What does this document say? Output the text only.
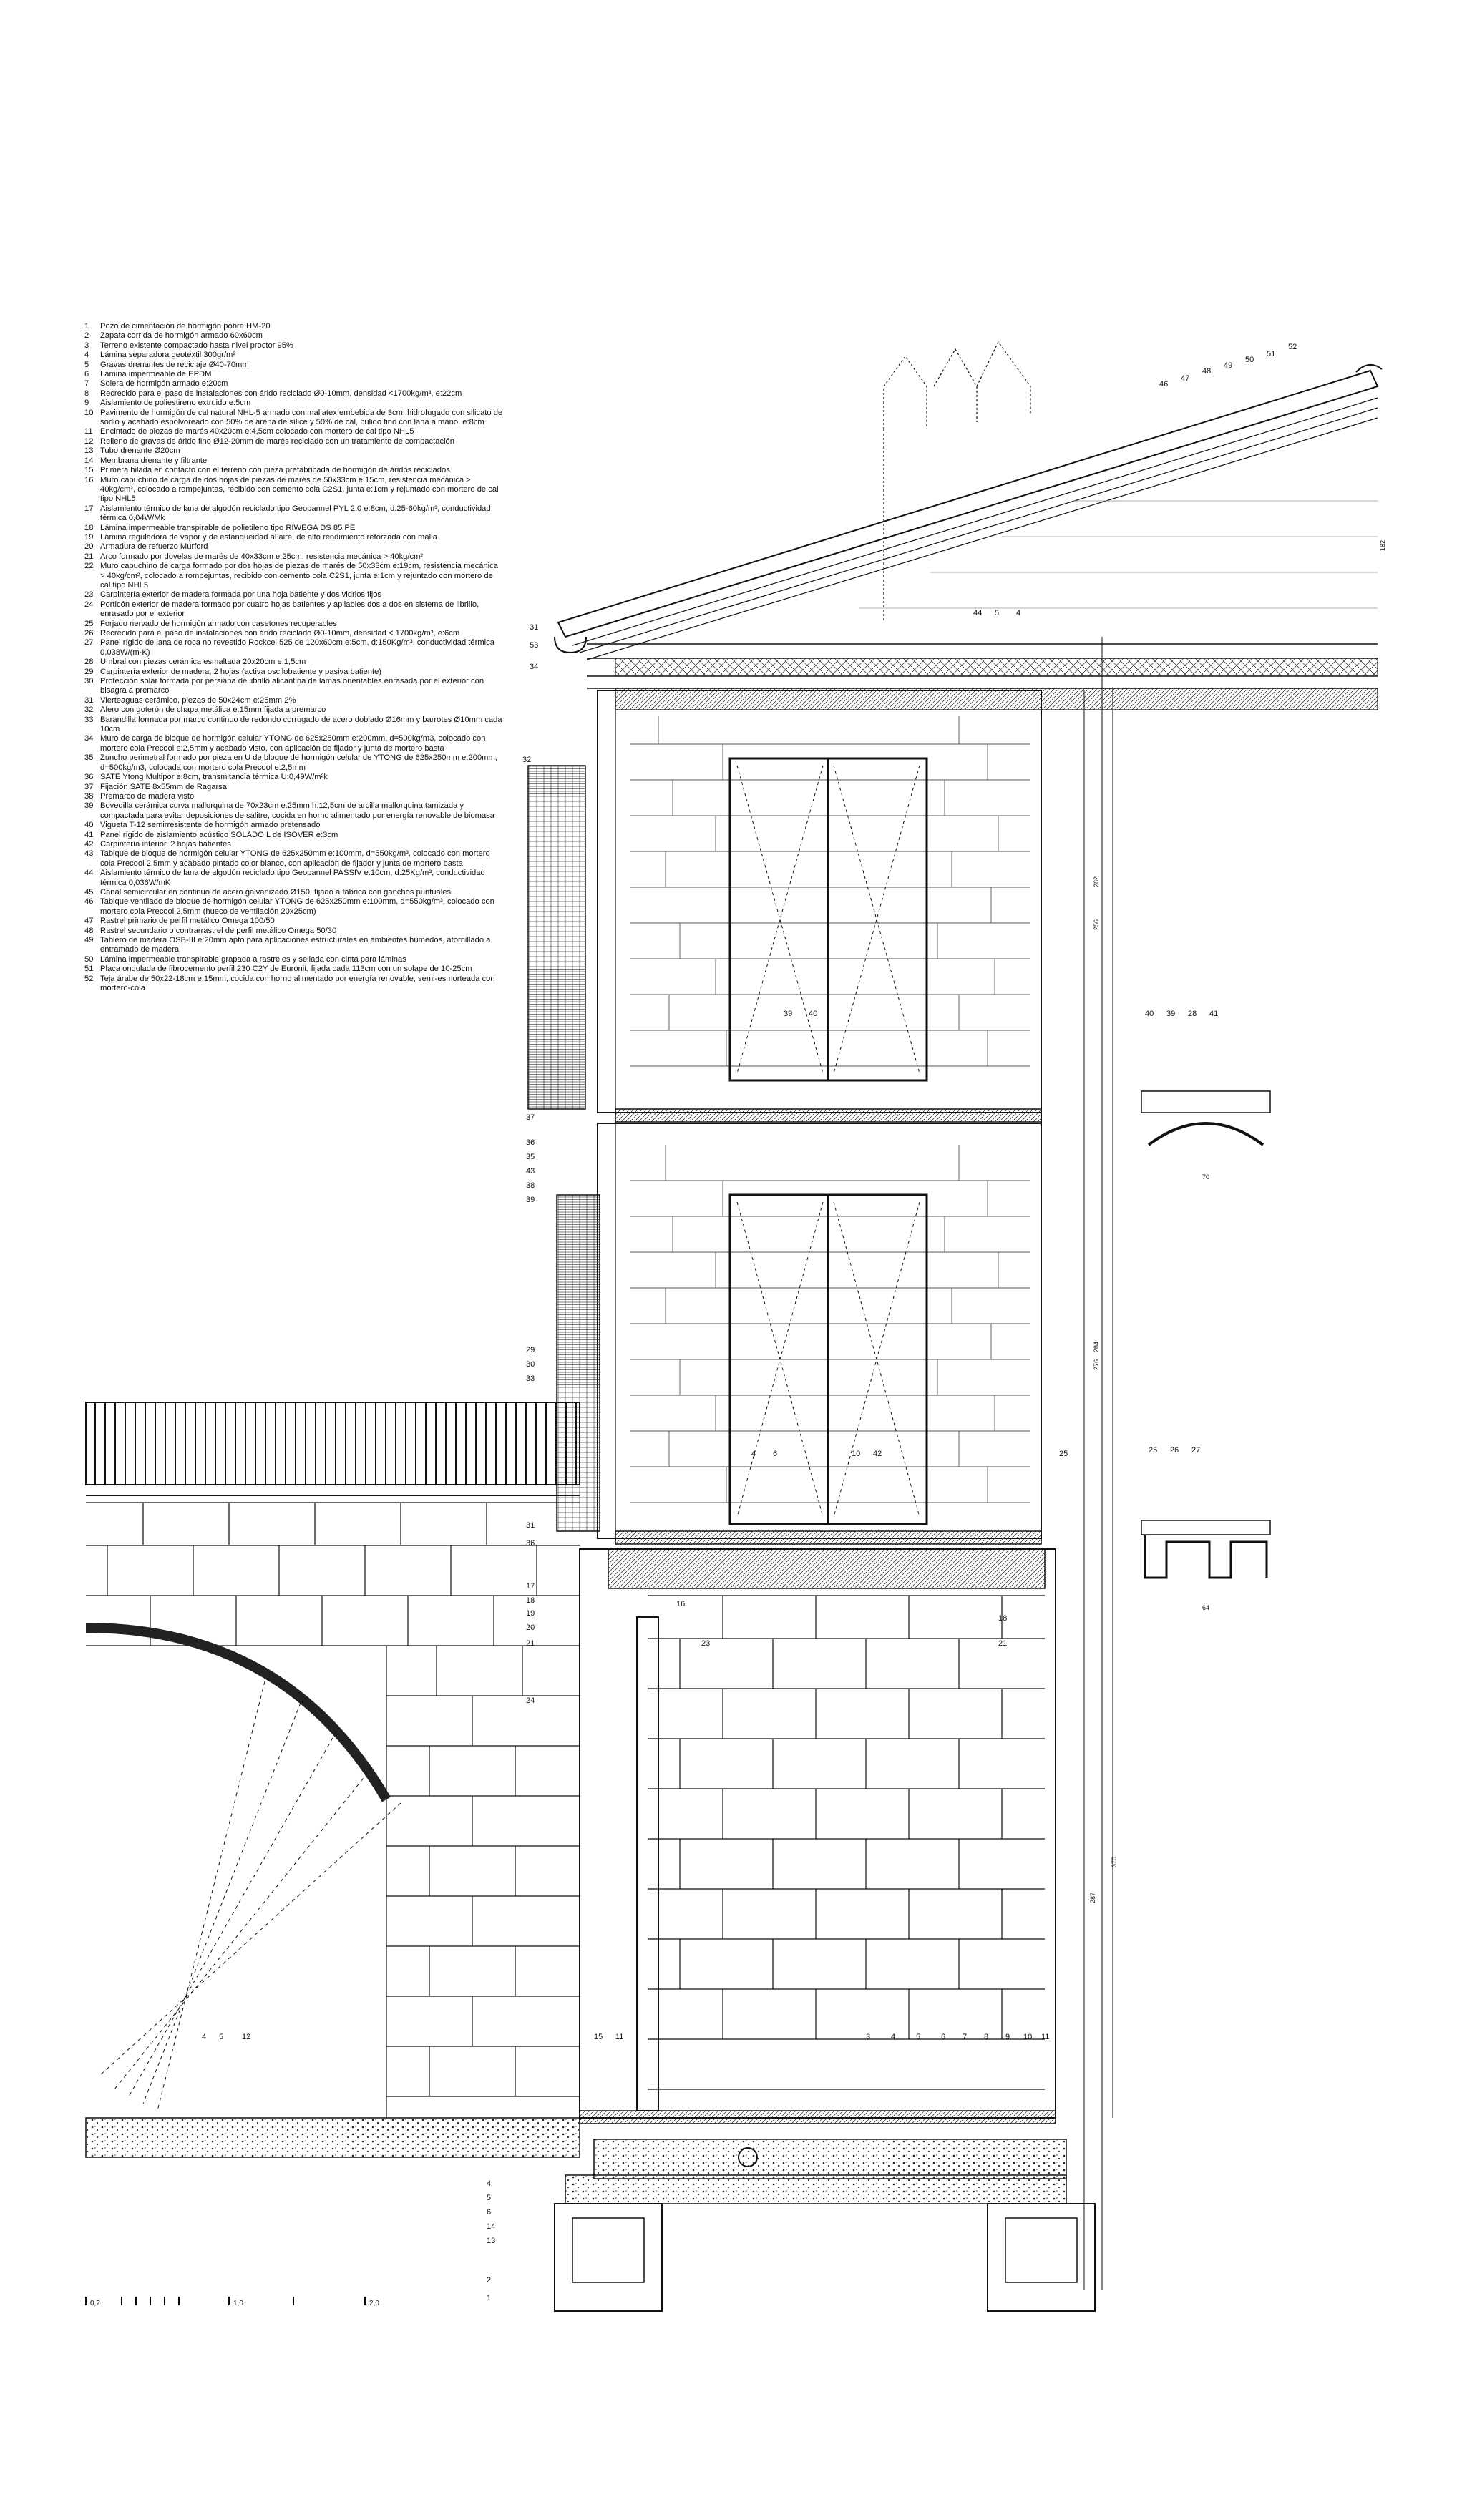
1	Pozo de cimentación de hormigón pobre HM-20
2	Zapata corrida de hormigón armado 60x60cm
3	Terreno existente compactado hasta nivel proctor 95%
4	Lámina separadora geotextil 300gr/m²
5	Gravas drenantes de reciclaje Ø40-70mm
6	Lámina impermeable de EPDM
7	Solera de hormigón armado e:20cm
8	Recrecido para el paso de instalaciones con árido reciclado Ø0-10mm, densidad <1700kg/m³, e:22cm
9	Aislamiento de poliestireno extruido e:5cm
10 Pavimento de hormigón de cal natural NHL-5 armado con mallatex embebida de 3cm, hidrofugado con silicato de sodio y acabado espolvoreado con 50% de arena de sílice y 50% de cal, pulido fino con lana a mano, e:8cm
11 Encintado de piezas de marés 40x20cm e:4,5cm colocado con mortero de cal tipo NHL5
12 Relleno de gravas de árido fino Ø12-20mm de marés reciclado con un tratamiento de compactación
13 Tubo drenante Ø20cm
14 Membrana drenante y filtrante
15 Primera hilada en contacto con el terreno con pieza prefabricada de hormigón de áridos reciclados
16 Muro capuchino de carga de dos hojas de piezas de marés de 50x33cm e:15cm, resistencia mecánica > 40kg/cm², colocado a rompejuntas, recibido con cemento cola C2S1, junta e:1cm y rejuntado con mortero de cal tipo NHL5
17 Aislamiento térmico de lana de algodón reciclado tipo Geopannel PYL 2.0 e:8cm, d:25-60kg/m³, conductividad térmica 0,04W/Mk
18 Lámina impermeable transpirable de polietileno tipo RIWEGA DS 85 PE
19 Lámina reguladora de vapor y de estanqueidad al aire, de alto rendimiento reforzada con malla
20 Armadura de refuerzo Murford
21 Arco formado por dovelas de marés de 40x33cm e:25cm, resistencia mecánica > 40kg/cm²
22 Muro capuchino de carga formado por dos hojas de piezas de marés de 50x33cm e:19cm, resistencia mecánica > 40kg/cm², colocado a rompejuntas, recibido con cemento cola C2S1, junta e:1cm y rejuntado con mortero de cal tipo NHL5
23 Carpintería exterior de madera formada por una hoja batiente y dos vidrios fijos
24 Porticón exterior de madera formado por cuatro hojas batientes y apilables dos a dos en sistema de librillo, enrasado por el exterior
25 Forjado nervado de hormigón armado con casetones recuperables
26 Recrecido para el paso de instalaciones con árido reciclado Ø0-10mm, densidad < 1700kg/m³, e:6cm
27 Panel rígido de lana de roca no revestido Rockcel 525 de 120x60cm e:5cm, d:150Kg/m³, conductividad térmica 0,038W/(m·K)
28 Umbral con piezas cerámica esmaltada 20x20cm e:1,5cm
29 Carpintería exterior de madera, 2 hojas (activa oscilobatiente y pasiva batiente)
30 Protección solar formada por persiana de librillo alicantina de lamas orientables enrasada por el exterior con bisagra a premarco
31 Vierteaguas cerámico, piezas de 50x24cm e:25mm 2%
32 Alero con goterón de chapa metálica e:15mm fijada a premarco
33 Barandilla formada por marco continuo de redondo corrugado de acero doblado Ø16mm y barrotes Ø10mm cada 10cm
34 Muro de carga de bloque de hormigón celular YTONG de 625x250mm e:200mm, d=500kg/m3, colocado con mortero cola Precool e:2,5mm y acabado visto, con aplicación de fijador y junta de mortero basta
35 Zuncho perimetral formado por pieza en U de bloque de hormigón celular de YTONG de 625x250mm e:200mm, d=500kg/m3, colocada con mortero cola Precool e:2,5mm
36 SATE Ytong Multipor e:8cm, transmitancia térmica U:0,49W/m²k
37 Fijación SATE 8x55mm de Ragarsa
38 Premarco de madera visto
39 Bovedilla cerámica curva mallorquina de 70x23cm e:25mm h:12,5cm de arcilla mallorquina tamizada y compactada para evitar deposiciones de salitre, cocida en horno alimentado por energía renovable de biomasa
40 Vigueta T-12 semirresistente de hormigón armado pretensado
41 Panel rígido de aislamiento acústico SOLADO L de ISOVER e:3cm
42 Carpintería interior, 2 hojas batientes
43 Tabique de bloque de hormigón celular YTONG de 625x250mm e:100mm, d=550kg/m³, colocado con mortero cola Precool 2,5mm y acabado pintado color blanco, con aplicación de fijador y junta de mortero basta
44 Aislamiento térmico de lana de algodón reciclado tipo Geopannel PASSIV e:10cm, d:25Kg/m³, conductividad térmica 0,036W/mK
45 Canal semicircular en continuo de acero galvanizado Ø150, fijado a fábrica con ganchos puntuales
46 Tabique ventilado de bloque de hormigón celular YTONG de 625x250mm e:100mm, d=550kg/m³, colocado con mortero cola Precool 2,5mm (hueco de ventilación 20x25cm)
47 Rastrel primario de perfil metálico Omega 100/50
48 Rastrel secundario o contrarrastrel de perfil metálico Omega 50/30
49 Tablero de madera OSB-III e:20mm apto para aplicaciones estructurales en ambientes húmedos, atornillado a entramado de madera
50 Lámina impermeable transpirable grapada a rastreles y sellada con cinta para láminas
51 Placa ondulada de fibrocemento perfil 230 C2Y de Euronit, fijada cada 113cm con un solape de 10-25cm
52 Teja árabe de 50x22-18cm e:15mm, cocida con horno alimentado por energía renovable, semi-esmorteada con mortero-cola
46
47
48
49
50
51
52
31
53
34
32
37
36
35
43
38
39
29
30
33
31
36
17
18
19
20
21
24
4
5
6
14
13
2
1
3	4	5	6 7 8 9 10 11
4 5 12	15 11
16
23
18
21
44 5 4
4 6	10 42	25
39 40	40 39 28 41
25 26 27
182
282
256
284
276
370
287
70
64
0,2	1,0	2,0
